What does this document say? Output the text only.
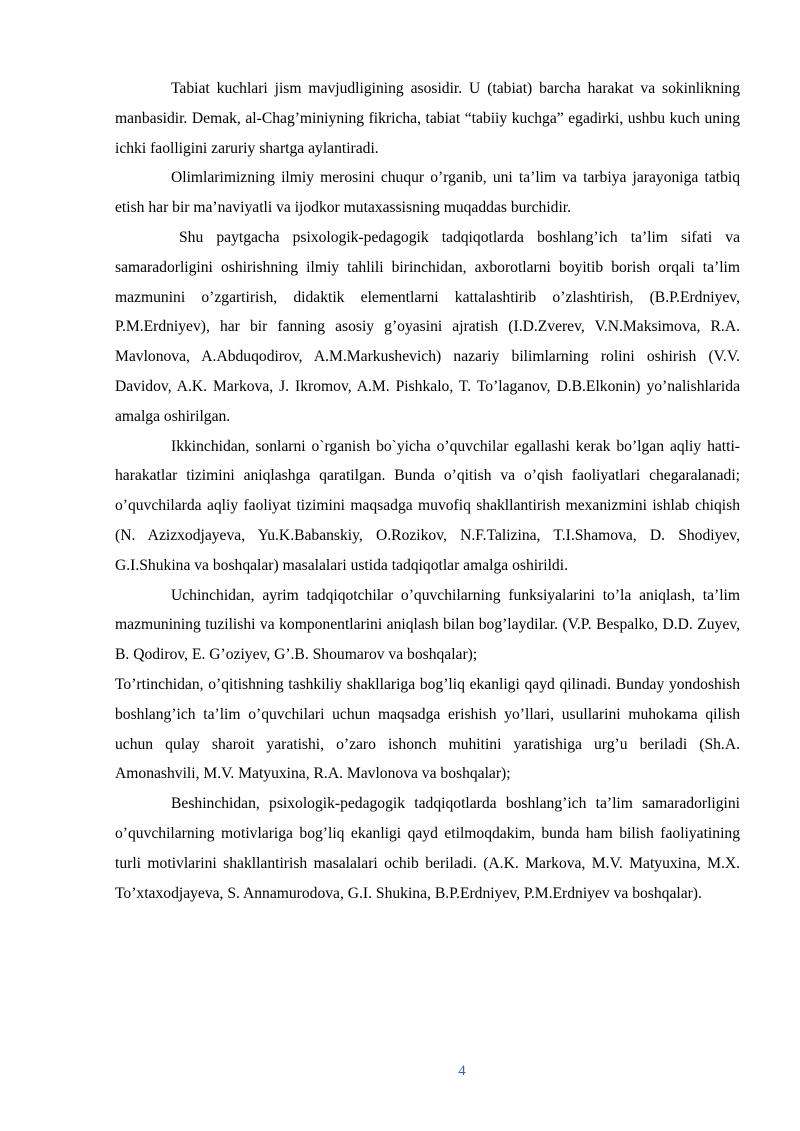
Tabiat kuchlari jism mavjudligining asosidir. U (tabiat) barcha harakat va sokinlikning manbasidir. Demak, al-Chag’miniyning fikricha, tabiat “tabiiy kuchga” egadirki, ushbu kuch uning ichki faolligini zaruriy shartga aylantiradi.

Olimlarimizning ilmiy merosini chuqur o’rganib, uni ta’lim va tarbiya jarayoniga tatbiq etish har bir ma’naviyatli va ijodkor mutaxassisning muqaddas burchidir.

Shu paytgacha psixologik-pedagogik tadqiqotlarda boshlang’ich ta’lim sifati va samaradorligini oshirishning ilmiy tahlili birinchidan, axborotlarni boyitib borish orqali ta’lim mazmunini o’zgartirish, didaktik elementlarni kattalashtirib o’zlashtirish, (B.P.Erdniyev, P.M.Erdniyev), har bir fanning asosiy g’oyasini ajratish (I.D.Zverev, V.N.Maksimova, R.A. Mavlonova, A.Abduqodirov, A.M.Markushevich) nazariy bilimlarning rolini oshirish (V.V. Davidov, A.K. Markova, J. Ikromov, A.M. Pishkalo, T. To’laganov, D.B.Elkonin) yo’nalishlarida amalga oshirilgan.

Ikkinchidan, sonlarni o`rganish bo`yicha o’quvchilar egallashi kerak bo’lgan aqliy hatti-harakatlar tizimini aniqlashga qaratilgan. Bunda o’qitish va o’qish faoliyatlari chegaralanadi; o’quvchilarda aqliy faoliyat tizimini maqsadga muvofiq shakllantirish mexanizmini ishlab chiqish (N. Azizxodjayeva, Yu.K.Babanskiy, O.Rozikov, N.F.Talizina, T.I.Shamova, D. Shodiyev, G.I.Shukina va boshqalar) masalalari ustida tadqiqotlar amalga oshirildi.

Uchinchidan, ayrim tadqiqotchilar o’quvchilarning funksiyalarini to’la aniqlash, ta’lim mazmunining tuzilishi va komponentlarini aniqlash bilan bog’laydilar. (V.P. Bespalko, D.D. Zuyev, B. Qodirov, E. G’oziyev, G’.B. Shoumarov va boshqalar);

To’rtinchidan, o’qitishning tashkiliy shakllariga bog’liq ekanligi qayd qilinadi. Bunday yondoshish boshlang’ich ta’lim o’quvchilari uchun maqsadga erishish yo’llari, usullarini muhokama qilish uchun qulay sharoit yaratishi, o’zaro ishonch muhitini yaratishiga urg’u beriladi (Sh.A. Amonashvili, M.V. Matyuxina, R.A. Mavlonova va boshqalar);

Beshinchidan, psixologik-pedagogik tadqiqotlarda boshlang’ich ta’lim samaradorligini o’quvchilarning motivlariga bog’liq ekanligi qayd etilmoqdakim, bunda ham bilish faoliyatining turli motivlarini shakllantirish masalalari ochib beriladi. (A.K. Markova, M.V. Matyuxina, M.X. To’xtaxodjayeva, S. Annamurodova, G.I. Shukina, B.P.Erdniyev, P.M.Erdniyev va boshqalar).

4
